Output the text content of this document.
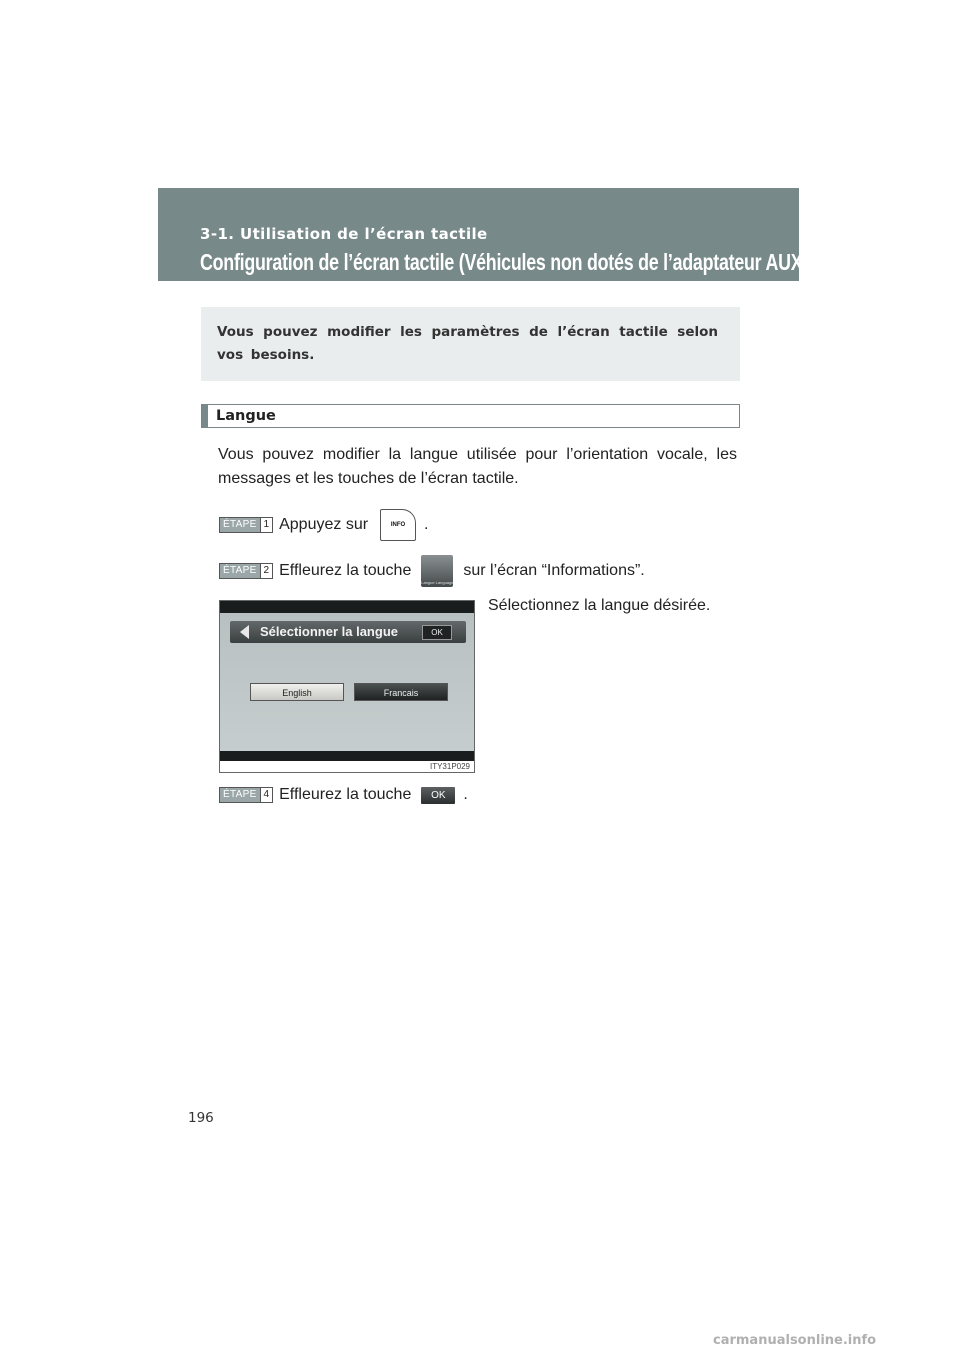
3-1. Utilisation de l’écran tactile
Configuration de l’écran tactile (Véhicules non dotés de l’adaptateur AUX)

Vous pouvez modifier les paramètres de l’écran tactile selon vos besoins.

Langue

Vous pouvez modifier la langue utilisée pour l’orientation vocale, les messages et les touches de l’écran tactile.

ÉTAPE 1 Appuyez sur	INFO	.
ÉTAPE 2 Effleurez la touche
Langue Language
sur l’écran “Informations”.
Sélectionner la langue	OK
English	Francais
ITY31P029
Sélectionnez la langue désirée.
ÉTAPE 4 Effleurez la touche	OK	.
196
carmanualsonline.info
